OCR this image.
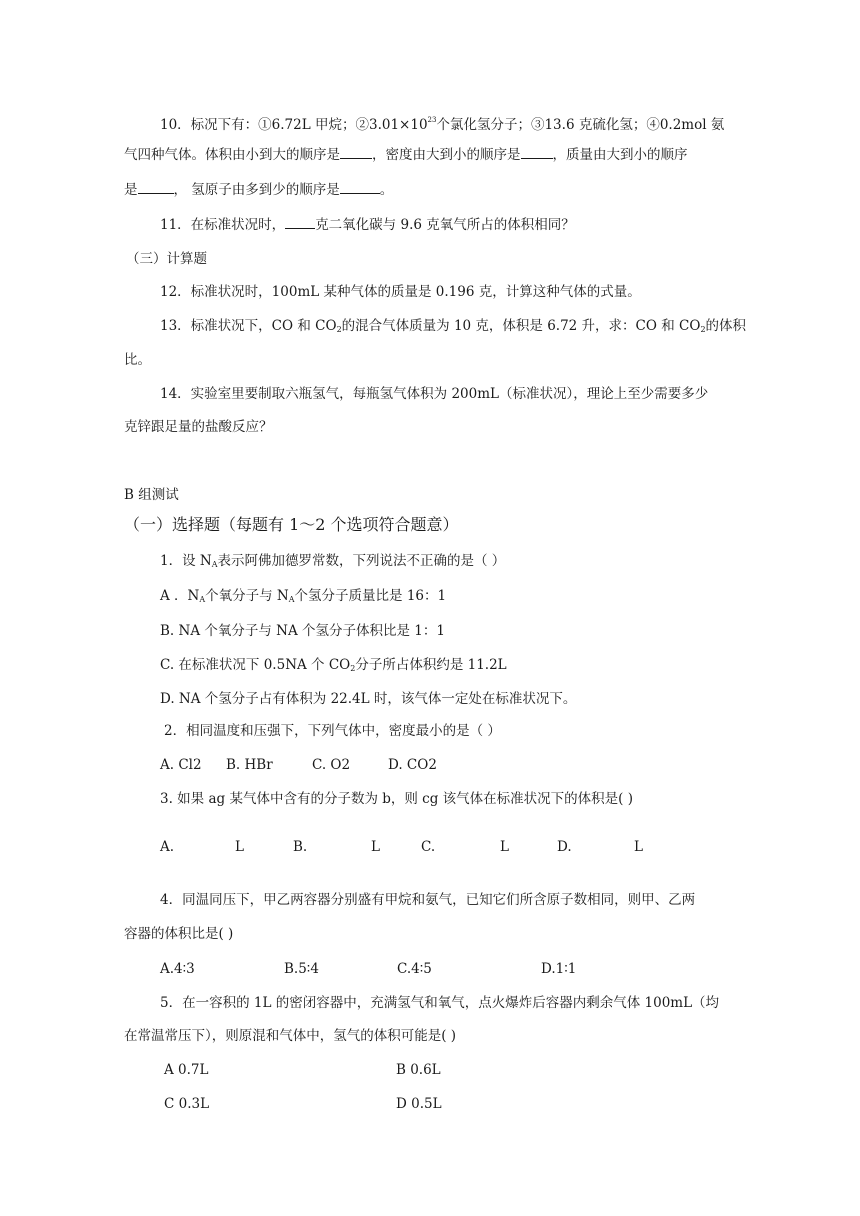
10．标况下有：①6.72L 甲烷；$②3.01\times 10^{23}$个氯化氢分子；③13.6 克硫化氢；④0.2mol 氨
气四种气体。体积由小到大的顺序是 ，密度由大到小的顺序是 ，质量由大到小的顺序
是	， 氢原子由多到少的顺序是	。
11．在标准状况时， 克二氧化碳与 9.6 克氧气所占的体积相同？
（三）计算题
12．标准状况时，100mL 某种气体的质量是 0.196 克，计算这种气体的式量。
13．标准状况下，CO 和 $CO_2$的混合气体质量为 10 克，体积是 6.72 升，求：CO 和 $CO_2$的体积
比。
14．实验室里要制取六瓶氢气，每瓶氢气体积为 200mL（标准状况），理论上至少需要多少
克锌跟足量的盐酸反应？
B 组测试
（一）选择题（每题有 1～2 个选项符合题意）
1．设 $N_A$表示阿佛加德罗常数，下列说法不正确的是（ ）
A ．$N_A$个氧分子与 $N_A$个氢分子质量比是 16：1
B. NA 个氧分子与 NA 个氢分子体积比是 1：1
C. 在标准状况下 0.5NA 个 $CO_2$分子所占体积约是 11.2L
D. NA 个氢分子占有体积为 22.4L 时，该气体一定处在标准状况下。
2．相同温度和压强下，下列气体中，密度最小的是（ ）
A. Cl2 B. HBr	C. O2	D. CO2
3. 如果 ag 某气体中含有的分子数为 b，则 cg 该气体在标准状况下的体积是( )
A.	L	B.	L	C.	L	D.	L
4．同温同压下，甲乙两容器分别盛有甲烷和氨气，已知它们所含原子数相同，则甲、乙两
容器的体积比是( )
A.4∶3	B.5∶4	C.4∶5	D.1∶1
5．在一容积的 1L 的密闭容器中，充满氢气和氧气，点火爆炸后容器内剩余气体 100mL（均
在常温常压下），则原混和气体中，氢气的体积可能是( )
A 0.7L	B 0.6L
C 0.3L	D 0.5L
